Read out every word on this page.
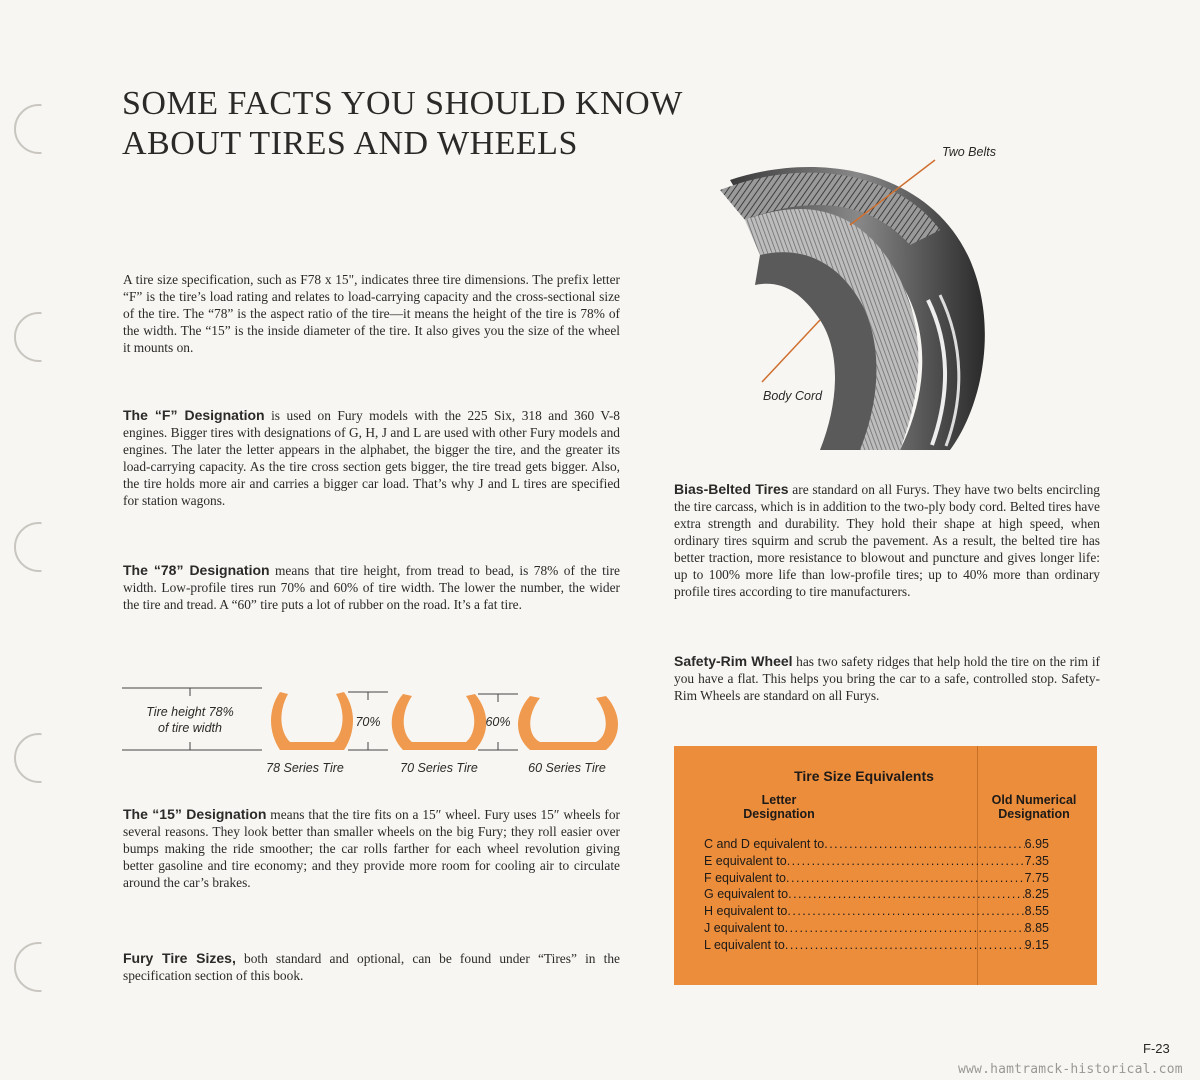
SOME FACTS YOU SHOULD KNOW
ABOUT TIRES AND WHEELS

A tire size specification, such as F78 x 15", indicates three tire dimensions. The prefix letter “F” is the tire’s load rating and relates to load-carrying capacity and the cross-sectional size of the tire. The “78” is the aspect ratio of the tire—it means the height of the tire is 78% of the width. The “15” is the inside diameter of the tire. It also gives you the size of the wheel it mounts on.

The “F” Designation is used on Fury models with the 225 Six, 318 and 360 V-8 engines. Bigger tires with designations of G, H, J and L are used with other Fury models and engines. The later the letter appears in the alphabet, the bigger the tire, and the greater its load-carrying capacity. As the tire cross section gets bigger, the tire tread gets bigger. Also, the tire holds more air and carries a bigger car load. That’s why J and L tires are specified for station wagons.

The “78” Designation means that tire height, from tread to bead, is 78% of the tire width. Low-profile tires run 70% and 60% of tire width. The lower the number, the wider the tire and tread. A “60” tire puts a lot of rubber on the road. It’s a fat tire.

Tire height 78%
of tire width	70%	60%
78 Series Tire	70 Series Tire	60 Series Tire

The “15” Designation means that the tire fits on a 15″ wheel. Fury uses 15″ wheels for several reasons. They look better than smaller wheels on the big Fury; they roll easier over bumps making the ride smoother; the car rolls farther for each wheel revolution giving better gasoline and tire economy; and they provide more room for cooling air to circulate around the car’s brakes.

Fury Tire Sizes, both standard and optional, can be found under “Tires” in the specification section of this book.

Two Belts
Body Cord

Bias-Belted Tires are standard on all Furys. They have two belts encircling the tire carcass, which is in addition to the two-ply body cord. Belted tires have extra strength and durability. They hold their shape at high speed, when ordinary tires squirm and scrub the pavement. As a result, the belted tire has better traction, more resistance to blowout and puncture and gives longer life: up to 100% more life than low-profile tires; up to 40% more than ordinary profile tires according to tire manufacturers.

Safety-Rim Wheel has two safety ridges that help hold the tire on the rim if you have a flat. This helps you bring the car to a safe, controlled stop. Safety-Rim Wheels are standard on all Furys.

Tire Size Equivalents
Letter
Designation
Old Numerical
Designation
C and D equivalent to .....	6.95
E equivalent to .....	7.35
F equivalent to .....	7.75
G equivalent to .....	8.25
H equivalent to .....	8.55
J equivalent to .....	8.85
L equivalent to .....	9.15
F-23
www.hamtramck-historical.com
